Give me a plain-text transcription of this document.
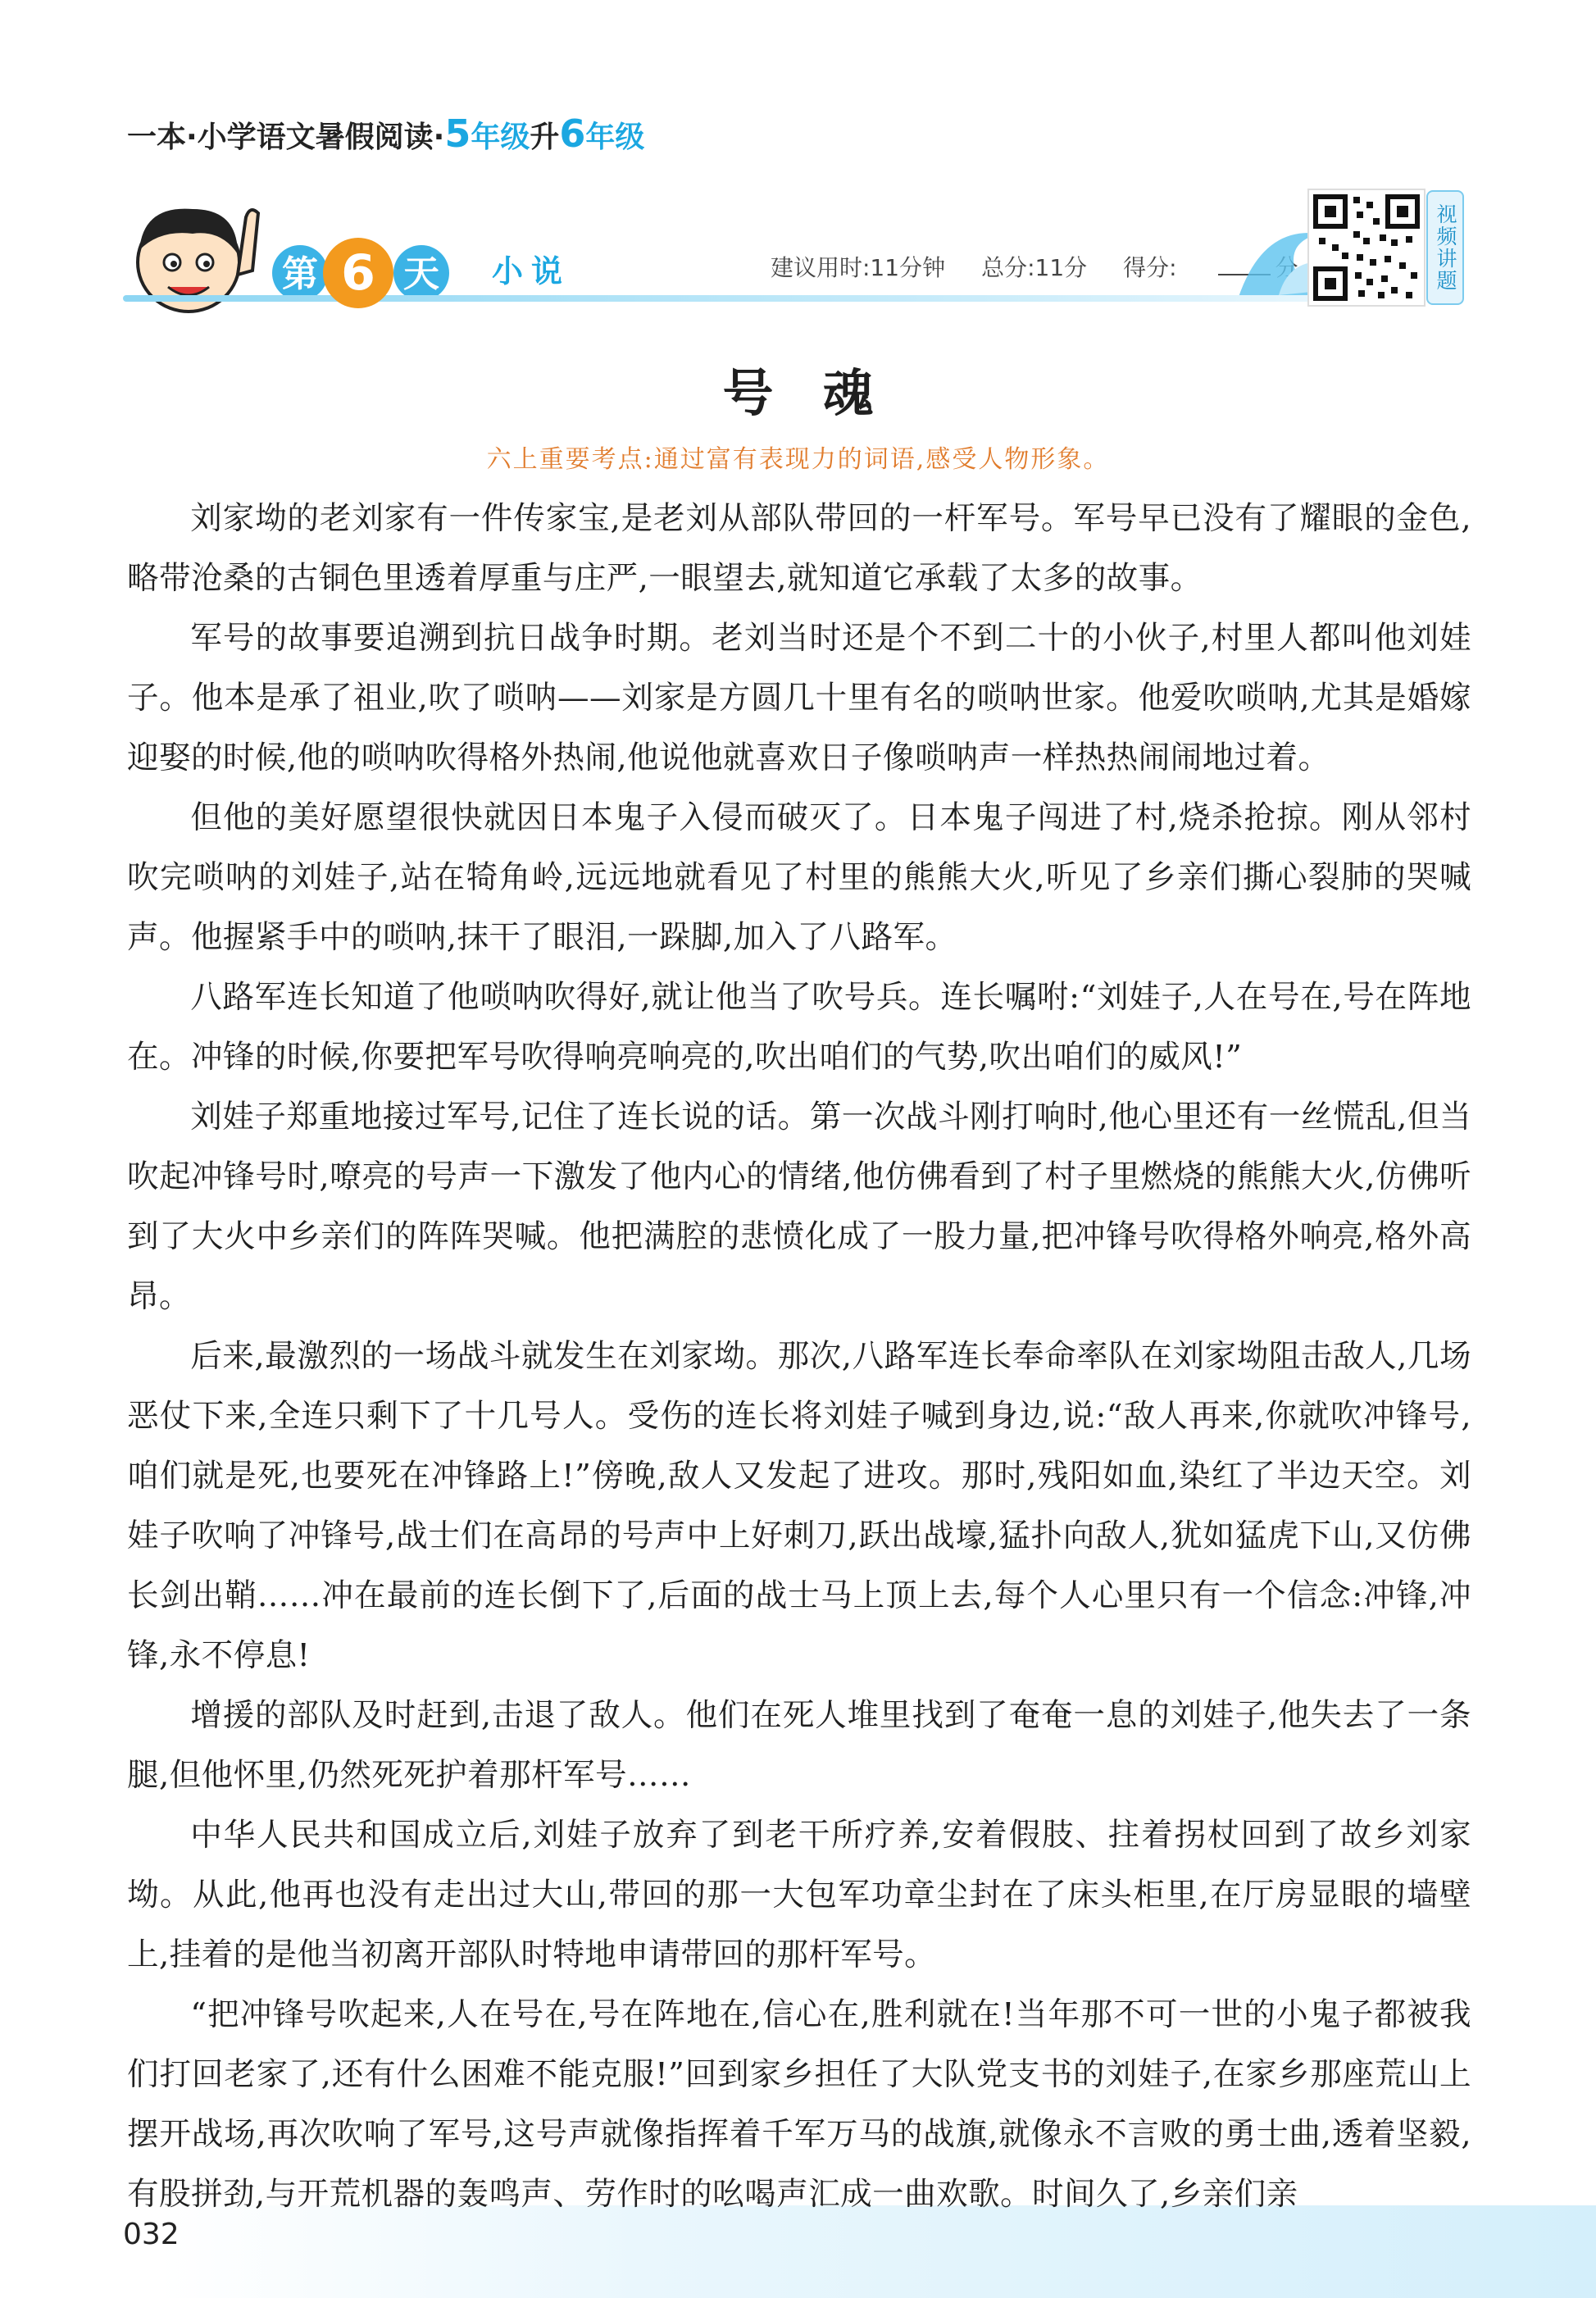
一本·小学语文暑假阅读·5年级升6年级
第 6 天 小说	建议用时:11分钟 总分:11分 得分:	视频讲题
号魂
六上重要考点:通过富有表现力的词语,感受人物形象。

刘家坳的老刘家有一件传家宝,是老刘从部队带回的一杆军号。军号早已没有了耀眼的金色,略带沧桑的古铜色里透着厚重与庄严,一眼望去,就知道它承载了太多的故事。

军号的故事要追溯到抗日战争时期。老刘当时还是个不到二十的小伙子,村里人都叫他刘娃子。他本是承了祖业,吹了唢呐——刘家是方圆几十里有名的唢呐世家。他爱吹唢呐,尤其是婚嫁迎娶的时候,他的唢呐吹得格外热闹,他说他就喜欢日子像唢呐声一样热热闹闹地过着。

但他的美好愿望很快就因日本鬼子入侵而破灭了。日本鬼子闯进了村,烧杀抢掠。刚从邻村吹完唢呐的刘娃子,站在犄角岭,远远地就看见了村里的熊熊大火,听见了乡亲们撕心裂肺的哭喊声。他握紧手中的唢呐,抹干了眼泪,一跺脚,加入了八路军。

八路军连长知道了他唢呐吹得好,就让他当了吹号兵。连长嘱咐:“刘娃子,人在号在,号在阵地在。冲锋的时候,你要把军号吹得响亮响亮的,吹出咱们的气势,吹出咱们的威风!”

刘娃子郑重地接过军号,记住了连长说的话。第一次战斗刚打响时,他心里还有一丝慌乱,但当吹起冲锋号时,嘹亮的号声一下激发了他内心的情绪,他仿佛看到了村子里燃烧的熊熊大火,仿佛听到了大火中乡亲们的阵阵哭喊。他把满腔的悲愤化成了一股力量,把冲锋号吹得格外响亮,格外高昂。

后来,最激烈的一场战斗就发生在刘家坳。那次,八路军连长奉命率队在刘家坳阻击敌人,几场恶仗下来,全连只剩下了十几号人。受伤的连长将刘娃子喊到身边,说:“敌人再来,你就吹冲锋号,咱们就是死,也要死在冲锋路上!”傍晚,敌人又发起了进攻。那时,残阳如血,染红了半边天空。刘娃子吹响了冲锋号,战士们在高昂的号声中上好刺刀,跃出战壕,猛扑向敌人,犹如猛虎下山,又仿佛长剑出鞘……冲在最前的连长倒下了,后面的战士马上顶上去,每个人心里只有一个信念:冲锋,冲锋,永不停息!

增援的部队及时赶到,击退了敌人。他们在死人堆里找到了奄奄一息的刘娃子,他失去了一条腿,但他怀里,仍然死死护着那杆军号……

中华人民共和国成立后,刘娃子放弃了到老干所疗养,安着假肢、拄着拐杖回到了故乡刘家坳。从此,他再也没有走出过大山,带回的那一大包军功章尘封在了床头柜里,在厅房显眼的墙壁上,挂着的是他当初离开部队时特地申请带回的那杆军号。

“把冲锋号吹起来,人在号在,号在阵地在,信心在,胜利就在!当年那不可一世的小鬼子都被我们打回老家了,还有什么困难不能克服!”回到家乡担任了大队党支书的刘娃子,在家乡那座荒山上摆开战场,再次吹响了军号,这号声就像指挥着千军万马的战旗,就像永不言败的勇士曲,透着坚毅,有股拼劲,与开荒机器的轰鸣声、劳作时的吆喝声汇成一曲欢歌。时间久了,乡亲们亲

032
